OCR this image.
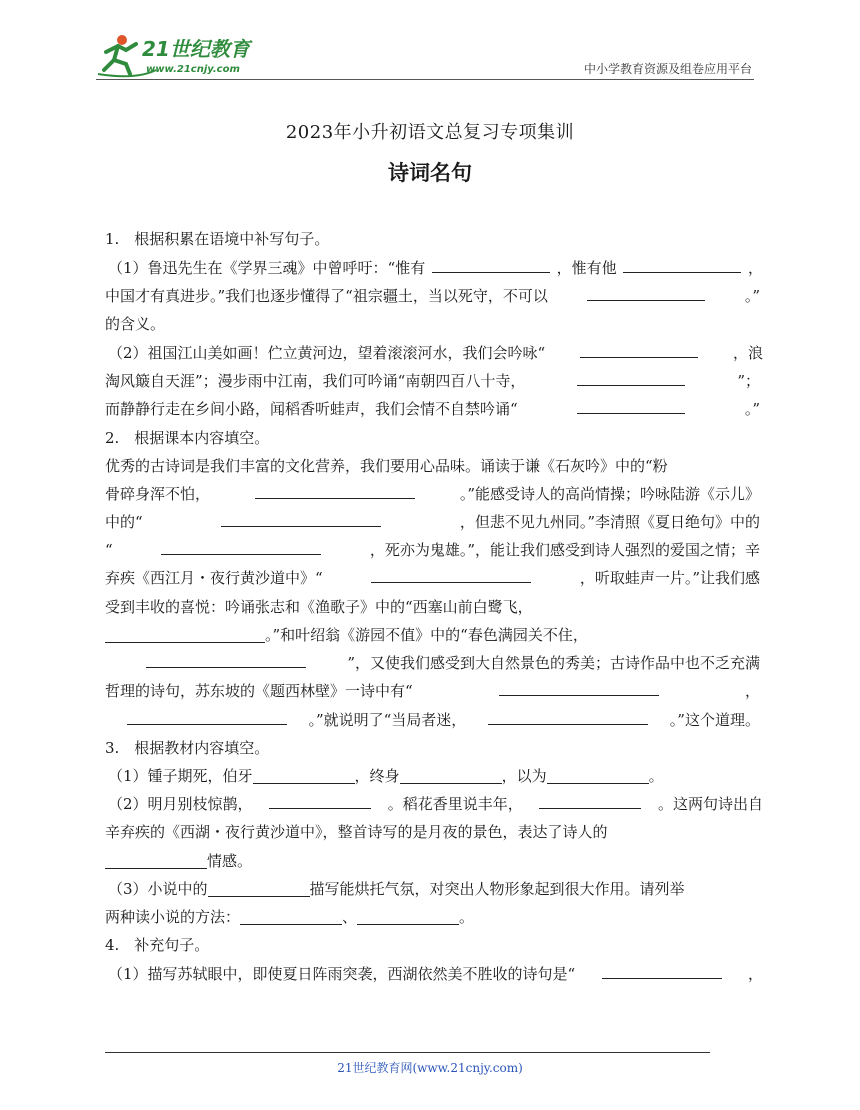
21世纪教育
www.21cnjy.com	中小学教育资源及组卷应用平台
2023年小升初语文总复习专项集训
诗词名句
1.　根据积累在语境中补写句子。
（1）鲁迅先生在《学界三魂》中曾呼吁：“惟有	，惟有他	，
中国才有真进步。”我们也逐步懂得了“祖宗疆土，当以死守，不可以	。”
的含义。
（2）祖国江山美如画！伫立黄河边，望着滚滚河水，我们会吟咏“	，浪
淘风簸自天涯”；漫步雨中江南，我们可吟诵“南朝四百八十寺，	”；
而静静行走在乡间小路，闻稻香听蛙声，我们会情不自禁吟诵“	。”
2.　根据课本内容填空。
优秀的古诗词是我们丰富的文化营养，我们要用心品味。诵读于谦《石灰吟》中的“粉
骨碎身浑不怕，	。”能感受诗人的高尚情操；吟咏陆游《示儿》
中的“	，但悲不见九州同。”李清照《夏日绝句》中的
“	，死亦为鬼雄。”，能让我们感受到诗人强烈的爱国之情；辛
弃疾《西江月・夜行黄沙道中》“	，听取蛙声一片。”让我们感
受到丰收的喜悦：吟诵张志和《渔歌子》中的“西塞山前白鹭飞，
。”和叶绍翁《游园不值》中的“春色满园关不住，
”，又使我们感受到大自然景色的秀美；古诗作品中也不乏充满
哲理的诗句，苏东坡的《题西林壁》一诗中有“	，
。”就说明了“当局者迷，	。”这个道理。
3.　根据教材内容填空。
（1）锺子期死，伯牙	，终身	，以为	。
（2）明月别枝惊鹊，	。稻花香里说丰年，	。这两句诗出自
辛弃疾的《西湖・夜行黄沙道中》，整首诗写的是月夜的景色，表达了诗人的
情感。
（3）小说中的	描写能烘托气氛，对突出人物形象起到很大作用。请列举
两种读小说的方法：	、	。
4.　补充句子。
（1）描写苏轼眼中，即使夏日阵雨突袭，西湖依然美不胜收的诗句是“	，
21世纪教育网(www.21cnjy.com)
